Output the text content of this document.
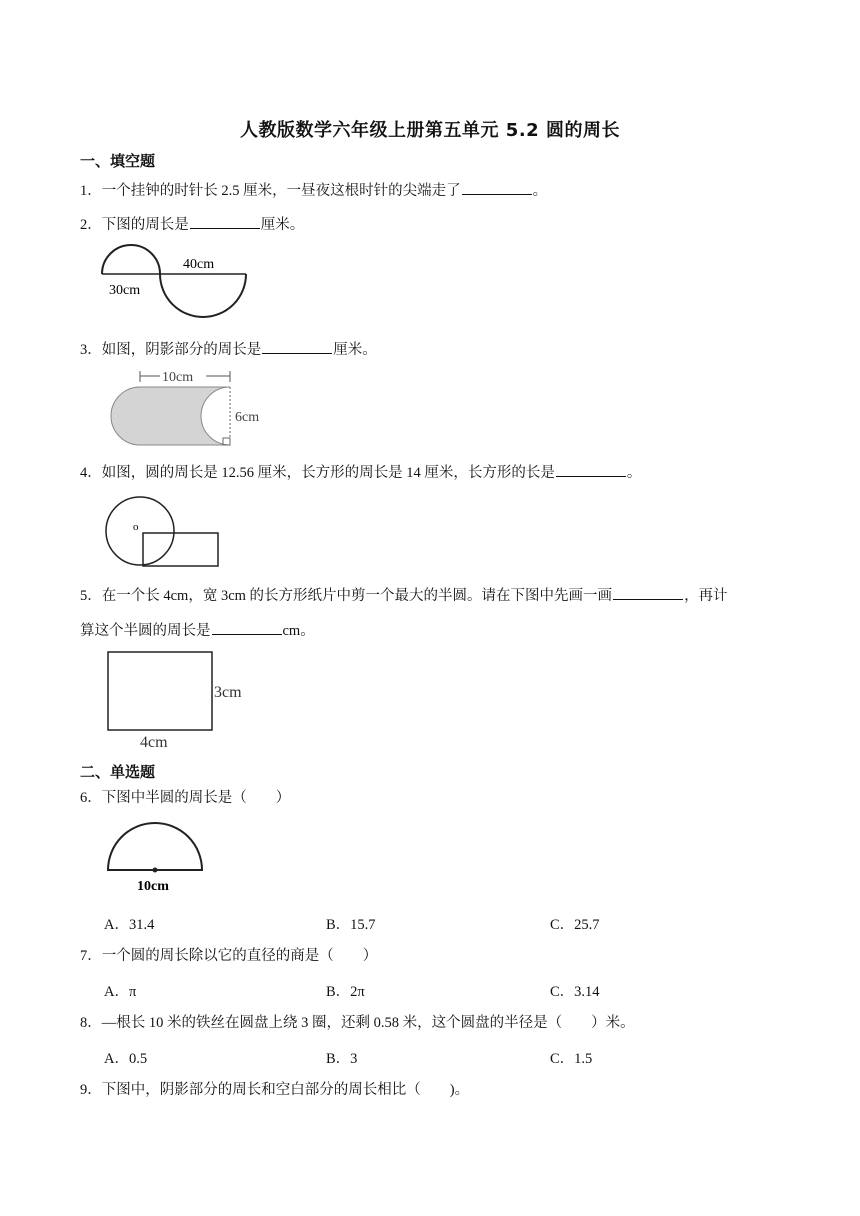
人教版数学六年级上册第五单元 5.2 圆的周长
一、填空题
1．一个挂钟的时针长 2.5 厘米，一昼夜这根时针的尖端走了	。
2．下图的周长是	厘米。
40cm
30cm
3．如图，阴影部分的周长是	厘米。
10cm
6cm
4．如图，圆的周长是 12.56 厘米，长方形的周长是 14 厘米，长方形的长是	。
o
5．在一个长 4cm，宽 3cm 的长方形纸片中剪一个最大的半圆。请在下图中先画一画	，再计
算这个半圆的周长是	cm。
3cm
4cm
二、单选题
6．下图中半圆的周长是（　　）
10cm
A．31.4	B．15.7	C．25.7
7．一个圆的周长除以它的直径的商是（　　）
A．π	B．2π	C．3.14
8．—根长 10 米的铁丝在圆盘上绕 3 圈，还剩 0.58 米，这个圆盘的半径是（　　）米。
A．0.5	B．3	C．1.5
9．下图中，阴影部分的周长和空白部分的周长相比（　　)。
